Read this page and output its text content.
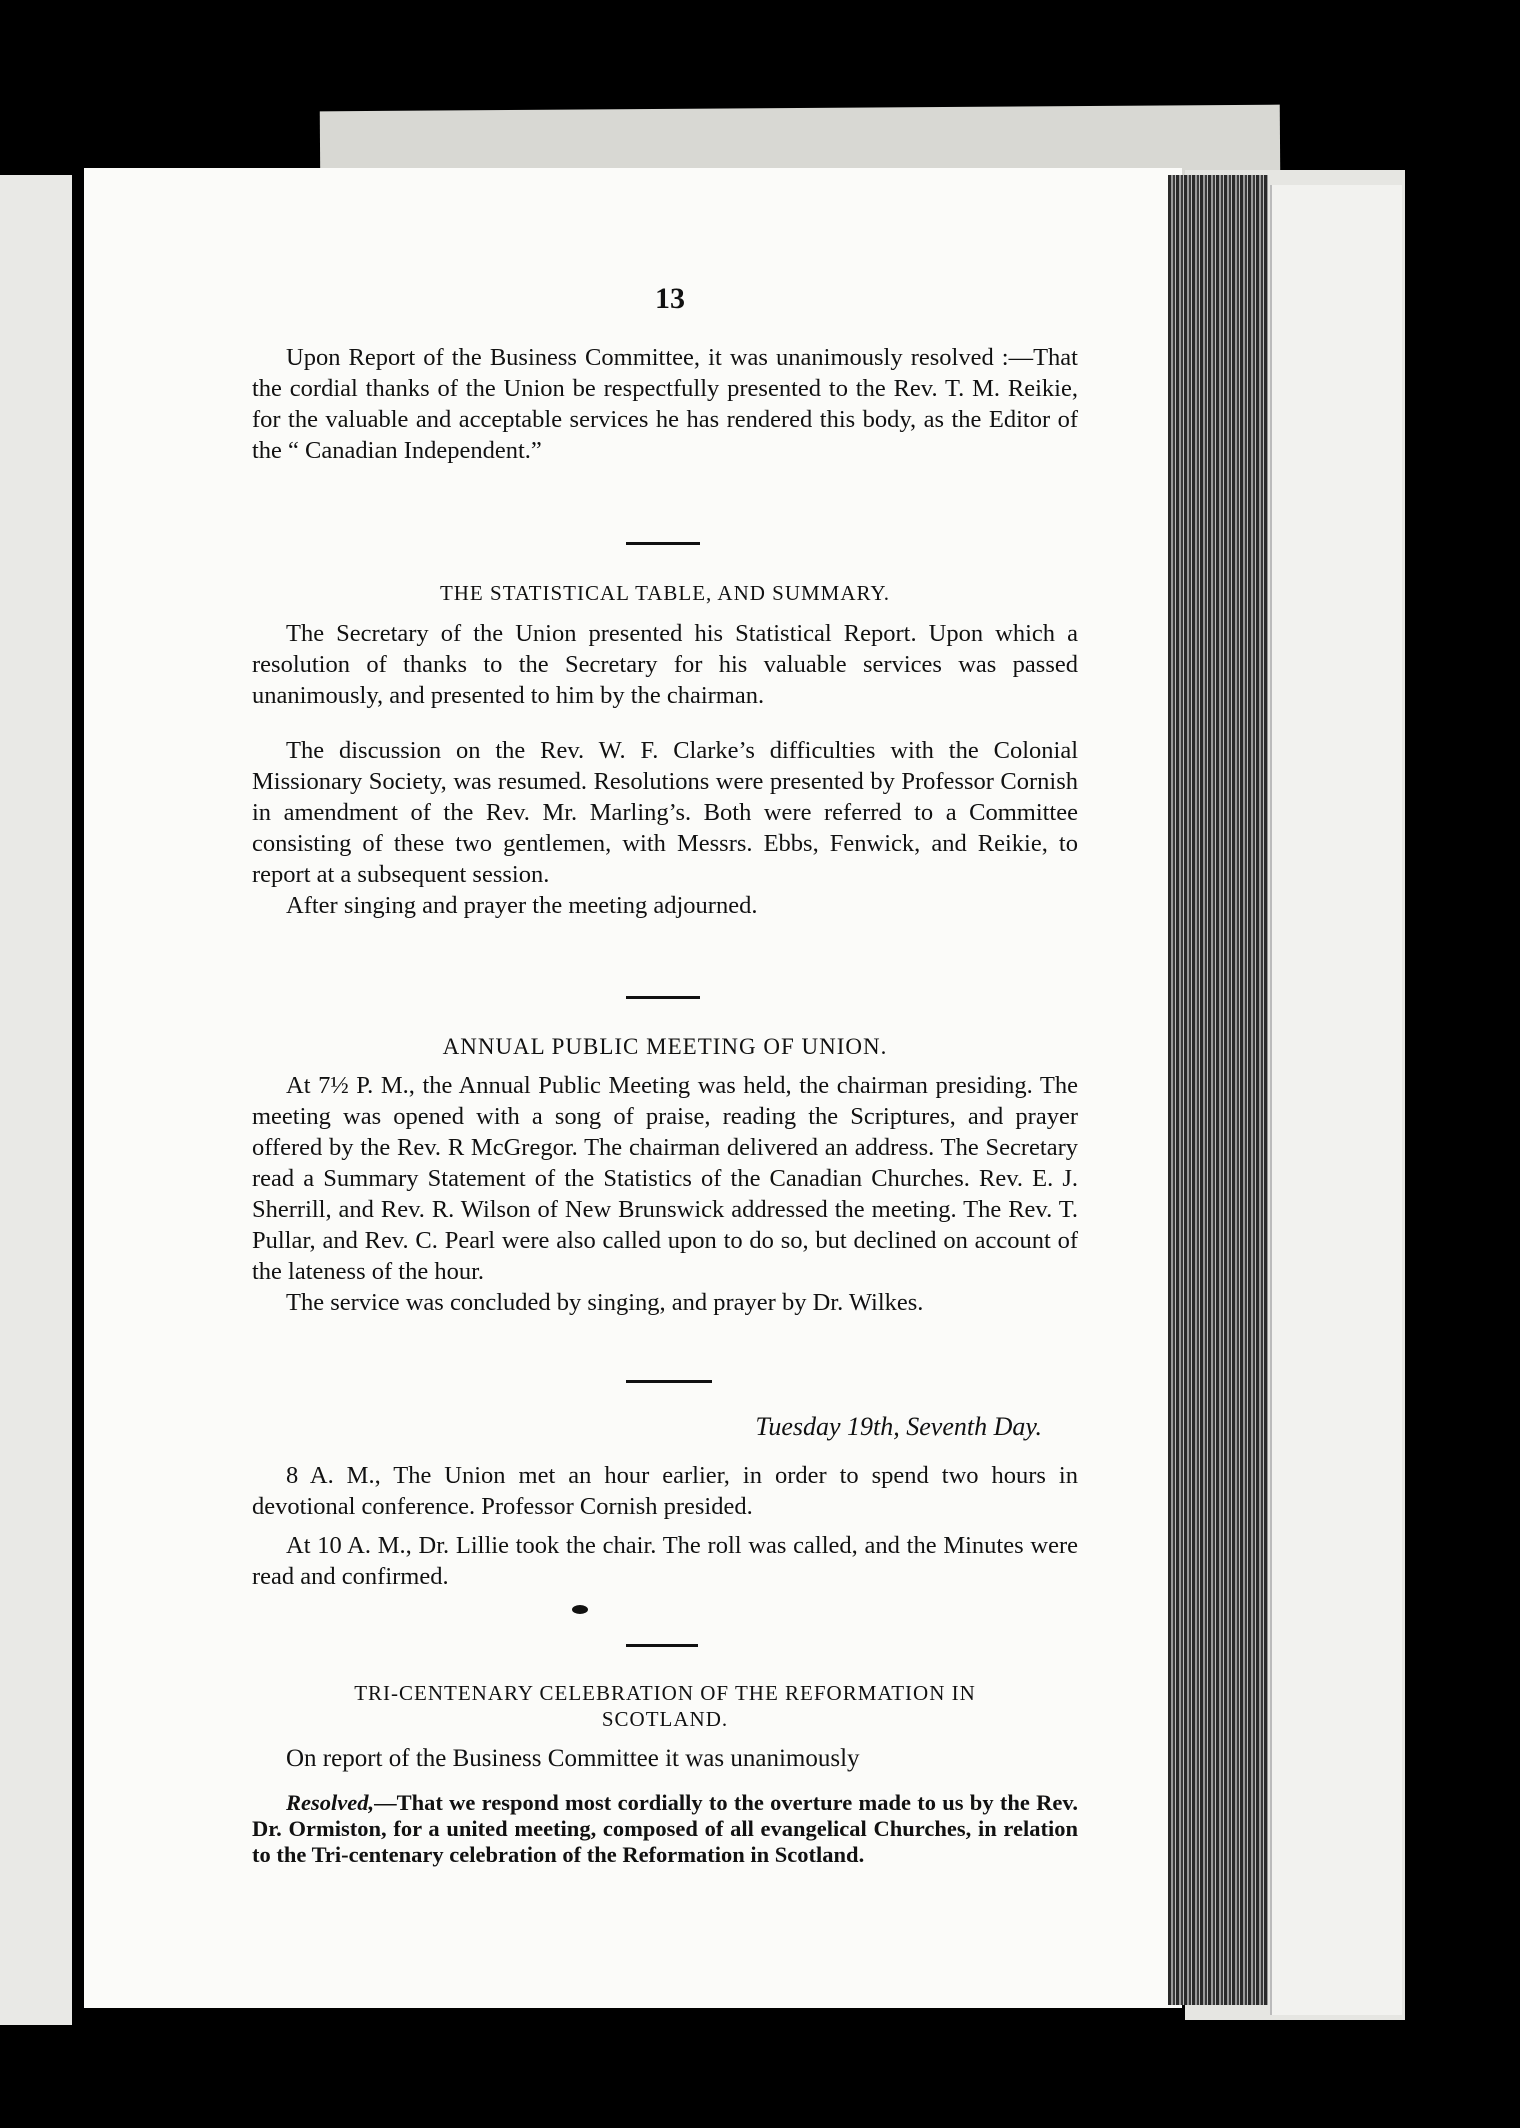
13

Upon Report of the Business Committee, it was unanimously resolved :—That the cordial thanks of the Union be respectfully presented to the Rev. T. M. Reikie, for the valuable and acceptable services he has rendered this body, as the Editor of the “ Canadian Independent.”

THE STATISTICAL TABLE, AND SUMMARY.

The Secretary of the Union presented his Statistical Report. Upon which a resolution of thanks to the Secretary for his valuable services was passed unanimously, and presented to him by the chairman.

The discussion on the Rev. W. F. Clarke’s difficulties with the Colonial Missionary Society, was resumed. Resolutions were presented by Professor Cornish in amendment of the Rev. Mr. Marling’s. Both were referred to a Committee consisting of these two gentlemen, with Messrs. Ebbs, Fenwick, and Reikie, to report at a subsequent session.

After singing and prayer the meeting adjourned.

ANNUAL PUBLIC MEETING OF UNION.

At 7½ P. M., the Annual Public Meeting was held, the chairman presiding. The meeting was opened with a song of praise, reading the Scriptures, and prayer offered by the Rev. R McGregor. The chairman delivered an address. The Secretary read a Summary Statement of the Statistics of the Canadian Churches. Rev. E. J. Sherrill, and Rev. R. Wilson of New Brunswick addressed the meeting. The Rev. T. Pullar, and Rev. C. Pearl were also called upon to do so, but declined on account of the lateness of the hour.

The service was concluded by singing, and prayer by Dr. Wilkes.

Tuesday 19th, Seventh Day.

8 A. M., The Union met an hour earlier, in order to spend two hours in devotional conference. Professor Cornish presided.

At 10 A. M., Dr. Lillie took the chair. The roll was called, and the Minutes were read and confirmed.

TRI-CENTENARY CELEBRATION OF THE REFORMATION IN
SCOTLAND.

On report of the Business Committee it was unanimously

Resolved,—That we respond most cordially to the overture made to us by the Rev. Dr. Ormiston, for a united meeting, composed of all evangelical Churches, in relation to the Tri-centenary celebration of the Reformation in Scotland.
